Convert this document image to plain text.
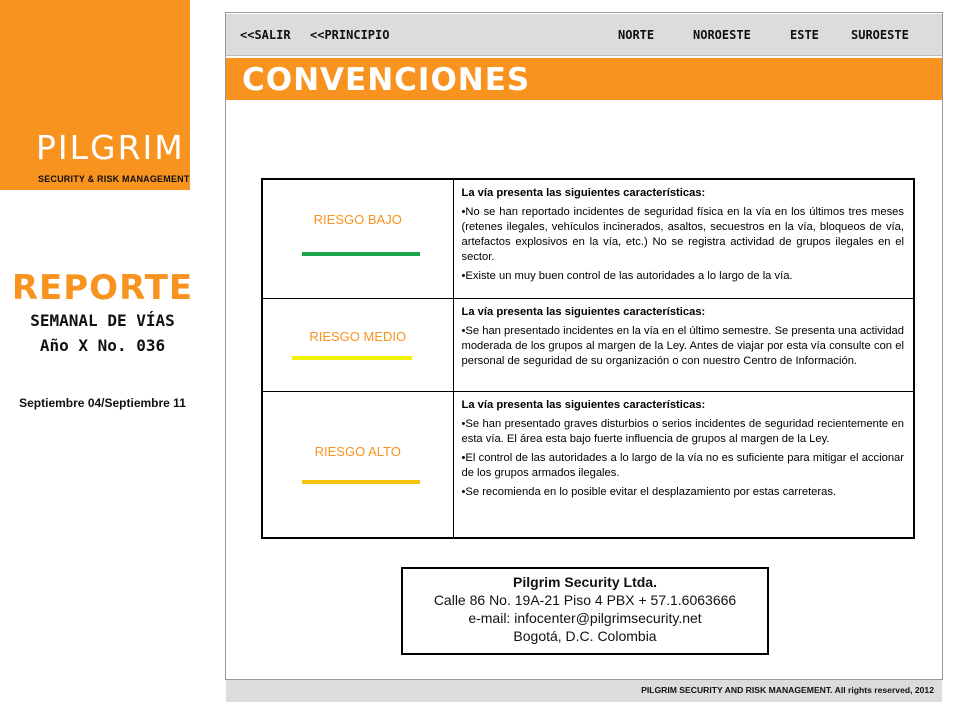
PILGRIM
SECURITY & RISK MANAGEMENT
REPORTE
SEMANAL DE VÍAS
Año X No. 036
Septiembre 04/Septiembre 11
<<SALIR <<PRINCIPIO	NORTE	NOROESTE	ESTE	SUROESTE
CONVENCIONES
RIESGO BAJO	La vía presenta las siguientes características:
•No se han reportado incidentes de seguridad física en la vía en los últimos tres meses (retenes ilegales, vehículos incinerados, asaltos, secuestros en la vía, bloqueos de vía, artefactos explosivos en la vía, etc.) No se registra actividad de grupos ilegales en el sector.
•Existe un muy buen control de las autoridades a lo largo de la vía.

RIESGO MEDIO	La vía presenta las siguientes características:
•Se han presentado incidentes en la vía en el último semestre. Se presenta una actividad moderada de los grupos al margen de la Ley. Antes de viajar por esta vía consulte con el personal de seguridad de su organización o con nuestro Centro de Información.

RIESGO ALTO	La vía presenta las siguientes características:
•Se han presentado graves disturbios o serios incidentes de seguridad recientemente en esta vía. El área esta bajo fuerte influencia de grupos al margen de la Ley.
•El control de las autoridades a lo largo de la vía no es suficiente para mitigar el accionar de los grupos armados ilegales.
•Se recomienda en lo posible evitar el desplazamiento por estas carreteras.
Pilgrim Security Ltda.
Calle 86 No. 19A-21 Piso 4 PBX + 57.1.6063666
e-mail: infocenter@pilgrimsecurity.net
Bogotá, D.C. Colombia
PILGRIM SECURITY AND RISK MANAGEMENT. All rights reserved, 2012
